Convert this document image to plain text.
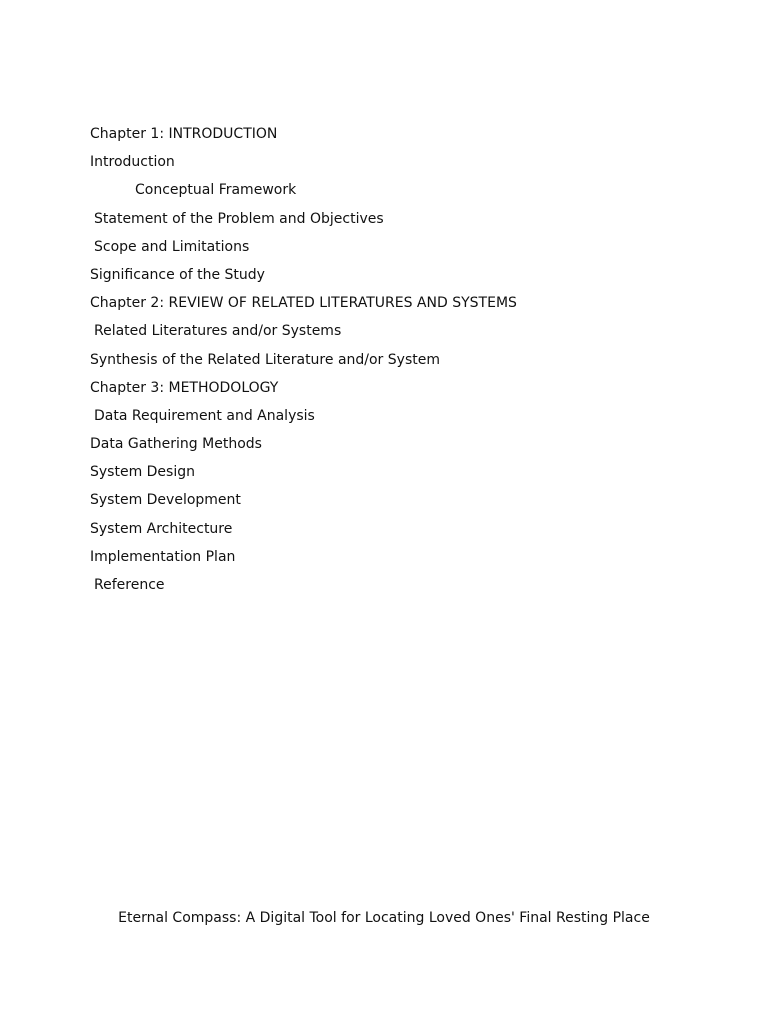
Chapter 1: INTRODUCTION
Introduction
Conceptual Framework
Statement of the Problem and Objectives
Scope and Limitations
Significance of the Study
Chapter 2: REVIEW OF RELATED LITERATURES AND SYSTEMS
Related Literatures and/or Systems
Synthesis of the Related Literature and/or System
Chapter 3: METHODOLOGY
Data Requirement and Analysis
Data Gathering Methods
System Design
System Development
System Architecture
Implementation Plan
Reference
Eternal Compass: A Digital Tool for Locating Loved Ones' Final Resting Place
